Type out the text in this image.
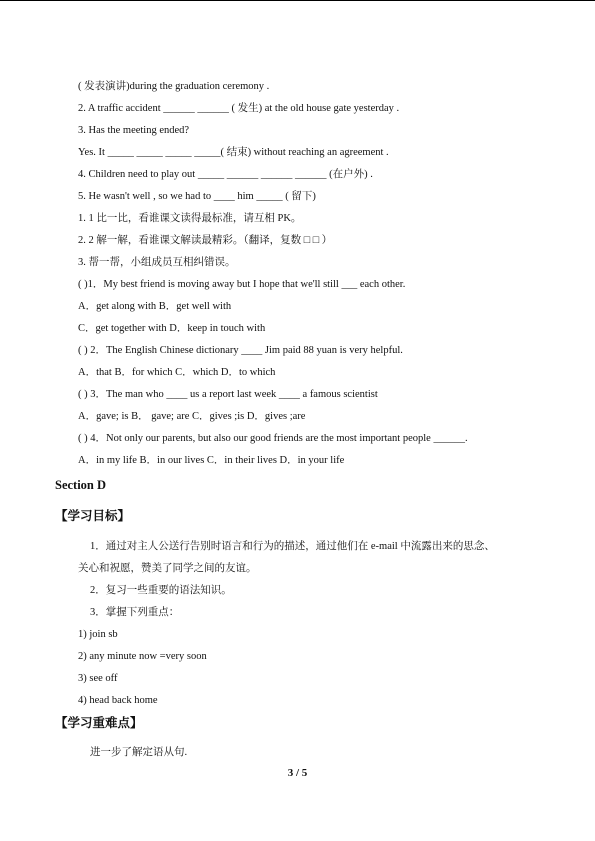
( 发表演讲)during the graduation ceremony .
2. A traffic accident ______ ______ ( 发生) at the old house gate yesterday .
3. Has the meeting ended?
Yes. It _____ _____ _____ _____( 结束) without reaching an agreement .
4. Children need to play out _____ ______ ______ ______ (在户外) .
5. He wasn't well , so we had to ____ him _____ ( 留下)
1. 1 比一比，看谁课文读得最标准，请互相 PK。
2. 2 解一解，看谁课文解读最精彩。（翻译，复数 □ □ ）
3. 帮一帮，小组成员互相纠错误。
( )1．My best friend is moving away but I hope that we'll still ___ each other.
A．get along with B．get well with
C．get together with D．keep in touch with
( ) 2．The English Chinese dictionary ____ Jim paid 88 yuan is very helpful.
A．that B．for which C．which D．to which
( ) 3．The man who ____ us a report last week ____ a famous scientist
A．gave; is B． gave; are C．gives ;is D．gives ;are
( ) 4．Not only our parents, but also our good friends are the most important people ______.
A．in my life B．in our lives C．in their lives D．in your life
Section D
【学习目标】
1．通过对主人公送行告别时语言和行为的描述，通过他们在 e-mail 中流露出来的思念、
关心和祝愿，赞美了同学之间的友谊。
2．复习一些重要的语法知识。
3．掌握下列重点：
1) join sb
2) any minute now =very soon
3) see off
4) head back home
【学习重难点】
进一步了解定语从句.
3 / 5
